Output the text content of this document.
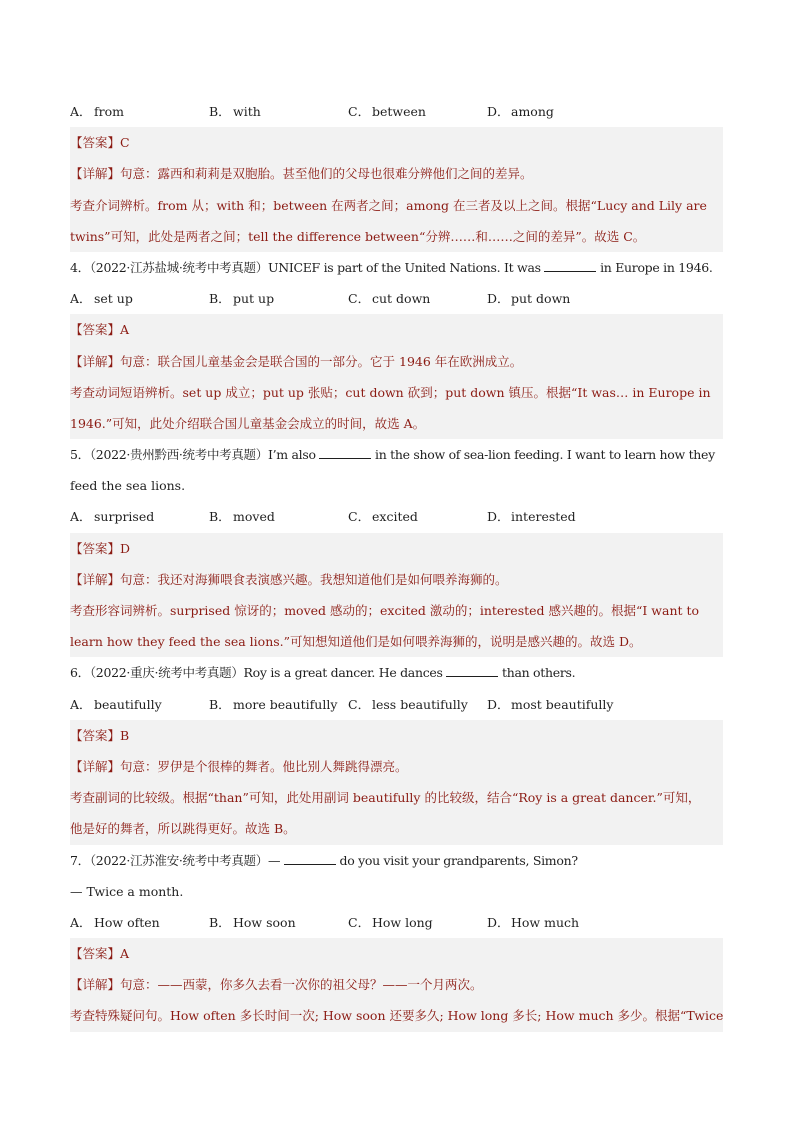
A． from	B． with	C． between	D．among
【答案】C
【详解】句意：露西和莉莉是双胞胎。甚至他们的父母也很难分辨他们之间的差异。
考查介词辨析。from 从；with 和；between 在两者之间；among 在三者及以上之间。根据“Lucy and Lily are
twins”可知，此处是两者之间；tell the difference between“分辨……和……之间的差异”。故选 C。
4．（2022·江苏盐城·统考中考真题）UNICEF is part of the United Nations. It was	in Europe in 1946.
A． set up	B． put up	C． cut down	D．put down
【答案】A
【详解】句意：联合国儿童基金会是联合国的一部分。它于 1946 年在欧洲成立。
考查动词短语辨析。set up 成立；put up 张贴；cut down 砍到；put down 镇压。根据“It was… in Europe in
1946.”可知，此处介绍联合国儿童基金会成立的时间，故选 A。
5．（2022·贵州黔西·统考中考真题）I’m also	in the show of sea-lion feeding. I want to learn how they
feed the sea lions.
A． surprised	B． moved	C． excited	D．interested
【答案】D
【详解】句意：我还对海狮喂食表演感兴趣。我想知道他们是如何喂养海狮的。
考查形容词辨析。surprised 惊讶的；moved 感动的；excited 激动的；interested 感兴趣的。根据“I want to
learn how they feed the sea lions.”可知想知道他们是如何喂养海狮的，说明是感兴趣的。故选 D。
6．（2022·重庆·统考中考真题）Roy is a great dancer. He dances	than others.
A． beautifully	B． more beautifully C． less beautifully	D．most beautifully
【答案】B
【详解】句意：罗伊是个很棒的舞者。他比别人舞跳得漂亮。
考查副词的比较级。根据“than”可知，此处用副词 beautifully 的比较级，结合“Roy is a great dancer.”可知，
他是好的舞者，所以跳得更好。故选 B。
7．（2022·江苏淮安·统考中考真题）—	do you visit your grandparents, Simon?
— Twice a month.
A． How often	B． How soon	C． How long	D．How much
【答案】A
【详解】句意：——西蒙，你多久去看一次你的祖父母？——一个月两次。
考查特殊疑问句。How often 多长时间一次; How soon 还要多久; How long 多长; How much 多少。根据“Twice
